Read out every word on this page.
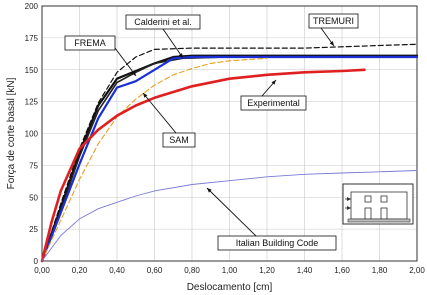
0,00	0,20	0,40	0,60	0,80	1,00	1,20	1,40	1,60	1,80	2,00
0
25
50
75
100
125
150
175
200
Deslocamento [cm]
Força de corte basal [kN]
FREMA
Calderini et al.	TREMURI
Experimental
SAM
Italian Building Code
